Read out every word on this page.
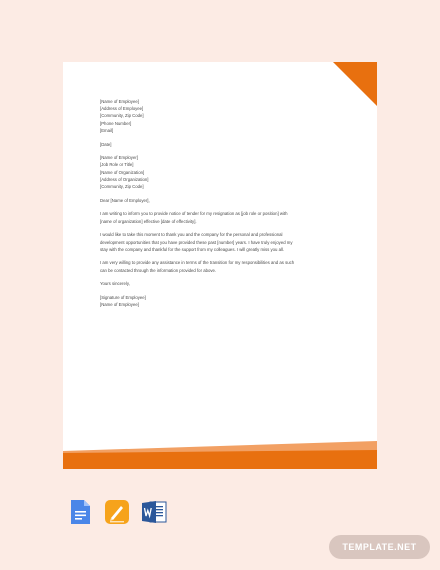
[Name of Employee]
[Address of Employee]
[Community, Zip Code]
[Phone Number]
[Email]
[Date]
[Name of Employer]
[Job Role or Title]
[Name of Organization]
[Address of Organization]
[Community, Zip Code]

Dear [Name of Employer],

I am writing to inform you to provide notice of tender for my resignation as [job role or position] with
[name of organization] effective [date of effectivity].

I would like to take this moment to thank you and the company for the personal and professional
development opportunities that you have provided these past [number] years. I have truly enjoyed my
stay with the company and thankful for the support from my colleagues. I will greatly miss you all.

I am very willing to provide any assistance in terms of the transition for my responsibilities and as such
can be contacted through the information provided for above.

Yours sincerely,

[Signature of Employee]
[Name of Employee]
TEMPLATE.NET
